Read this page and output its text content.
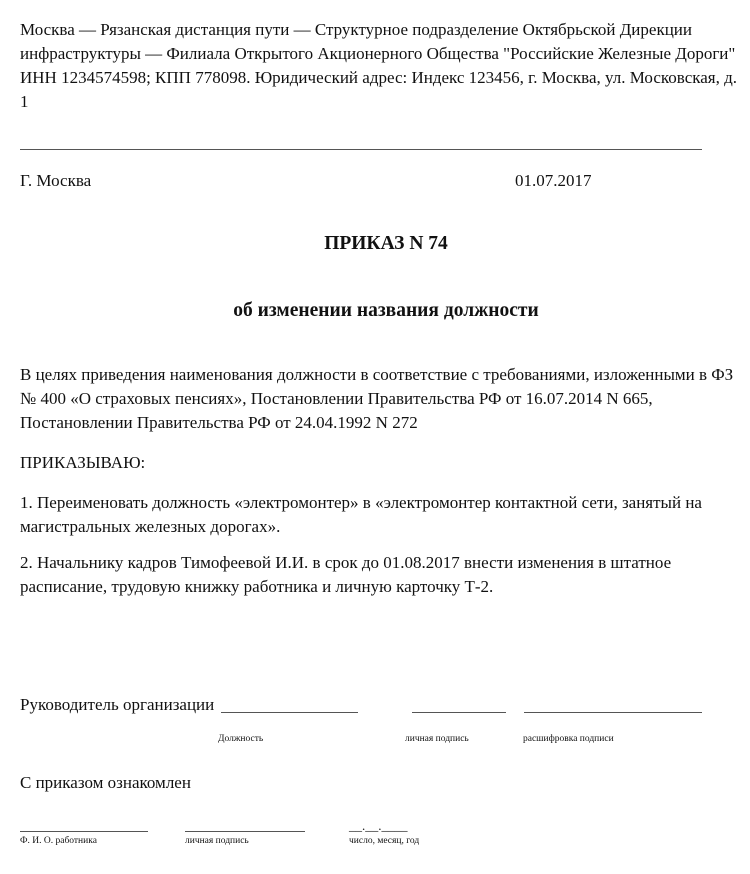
Москва — Рязанская дистанция пути — Структурное подразделение Октябрьской Дирекции
инфраструктуры — Филиала Открытого Акционерного Общества "Российские Железные Дороги"
ИНН 1234574598; КПП 778098. Юридический адрес: Индекс 123456, г. Москва, ул. Московская, д.
1
Г. Москва	01.07.2017
ПРИКАЗ N 74
об изменении названия должности
В целях приведения наименования должности в соответствие с требованиями, изложенными в ФЗ
№ 400 «О страховых пенсиях», Постановлении Правительства РФ от 16.07.2014 N 665,
Постановлении Правительства РФ от 24.04.1992 N 272
ПРИКАЗЫВАЮ:
1. Переименовать должность «электромонтер» в «электромонтер контактной сети, занятый на
магистральных железных дорогах».
2. Начальнику кадров Тимофеевой И.И. в срок до 01.08.2017 внести изменения в штатное
расписание, трудовую книжку работника и личную карточку Т-2.
Руководитель организации
Должность	личная подпись	расшифровка подписи
С приказом ознакомлен
__.__.____
Ф. И. О. работника	личная подпись	число, месяц, год
